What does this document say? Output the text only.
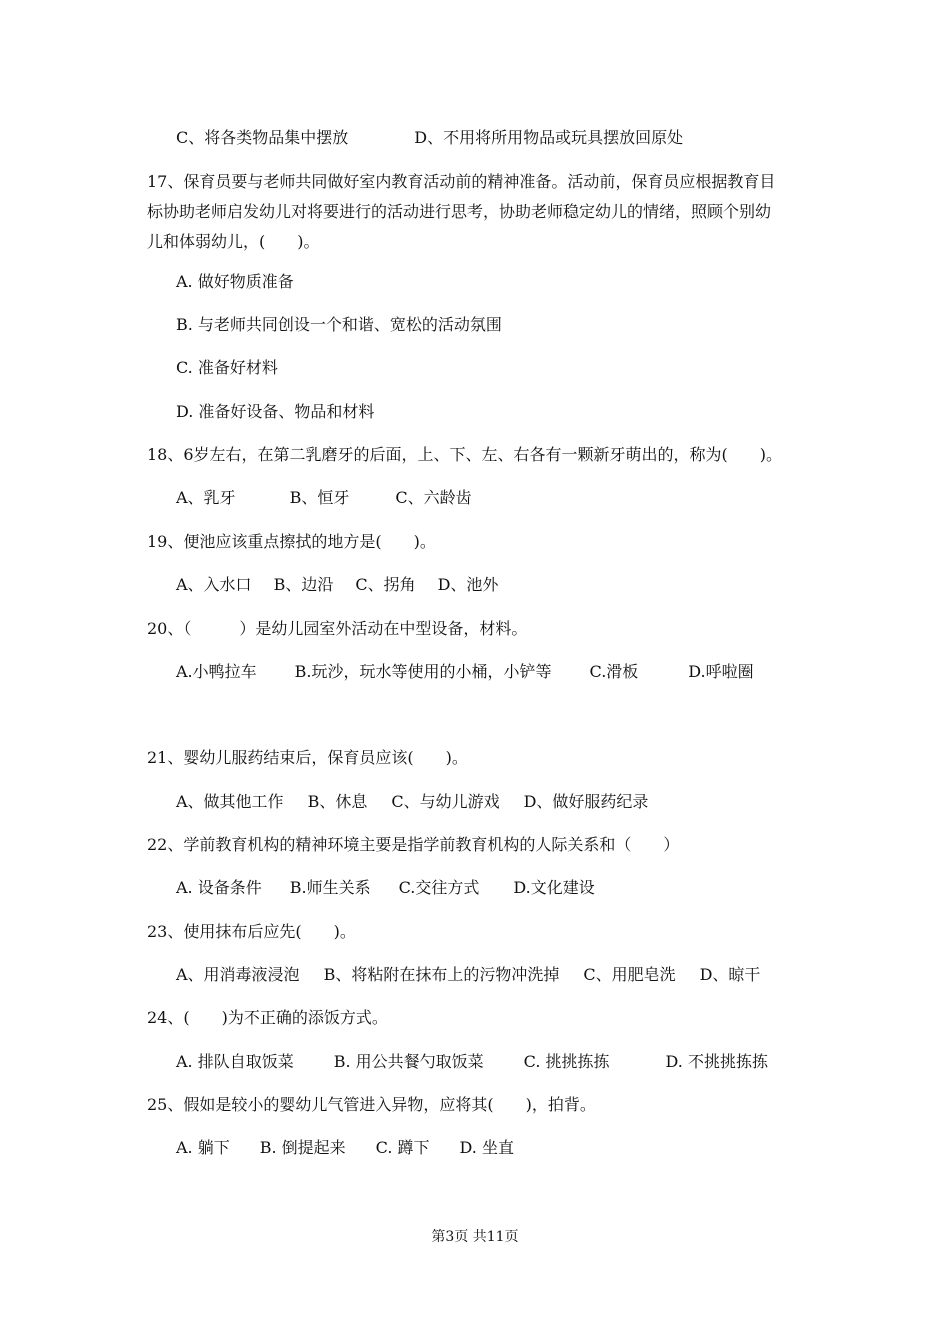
C、将各类物品集中摆放	D、不用将所用物品或玩具摆放回原处
17、保育员要与老师共同做好室内教育活动前的精神准备。活动前，保育员应根据教育目
标协助老师启发幼儿对将要进行的活动进行思考，协助老师稳定幼儿的情绪，照顾个别幼
儿和体弱幼儿，(　　)。
A. 做好物质准备
B. 与老师共同创设一个和谐、宽松的活动氛围
C. 准备好材料
D. 准备好设备、物品和材料
18、6岁左右，在第二乳磨牙的后面，上、下、左、右各有一颗新牙萌出的，称为(　　)。
A、乳牙	B、恒牙	C、六龄齿
19、便池应该重点擦拭的地方是(　　)。
A、入水口 B、边沿 C、拐角 D、池外
20、（　　　）是幼儿园室外活动在中型设备，材料。
A.小鸭拉车 B.玩沙，玩水等使用的小桶，小铲等 C.滑板	D.呼啦圈
21、婴幼儿服药结束后，保育员应该(　　)。
A、做其他工作 B、休息 C、与幼儿游戏 D、做好服药纪录
22、学前教育机构的精神环境主要是指学前教育机构的人际关系和（　　）
A. 设备条件 B.师生关系 C.交往方式 D.文化建设
23、使用抹布后应先(　　)。
A、用消毒液浸泡 B、将粘附在抹布上的污物冲洗掉 C、用肥皂洗 D、晾干
24、(　　)为不正确的添饭方式。
A. 排队自取饭菜	B. 用公共餐勺取饭菜	C. 挑挑拣拣	D. 不挑挑拣拣
25、假如是较小的婴幼儿气管进入异物，应将其(　　)，拍背。
A. 躺下 B. 倒提起来 C. 蹲下 D. 坐直
第3页 共11页
